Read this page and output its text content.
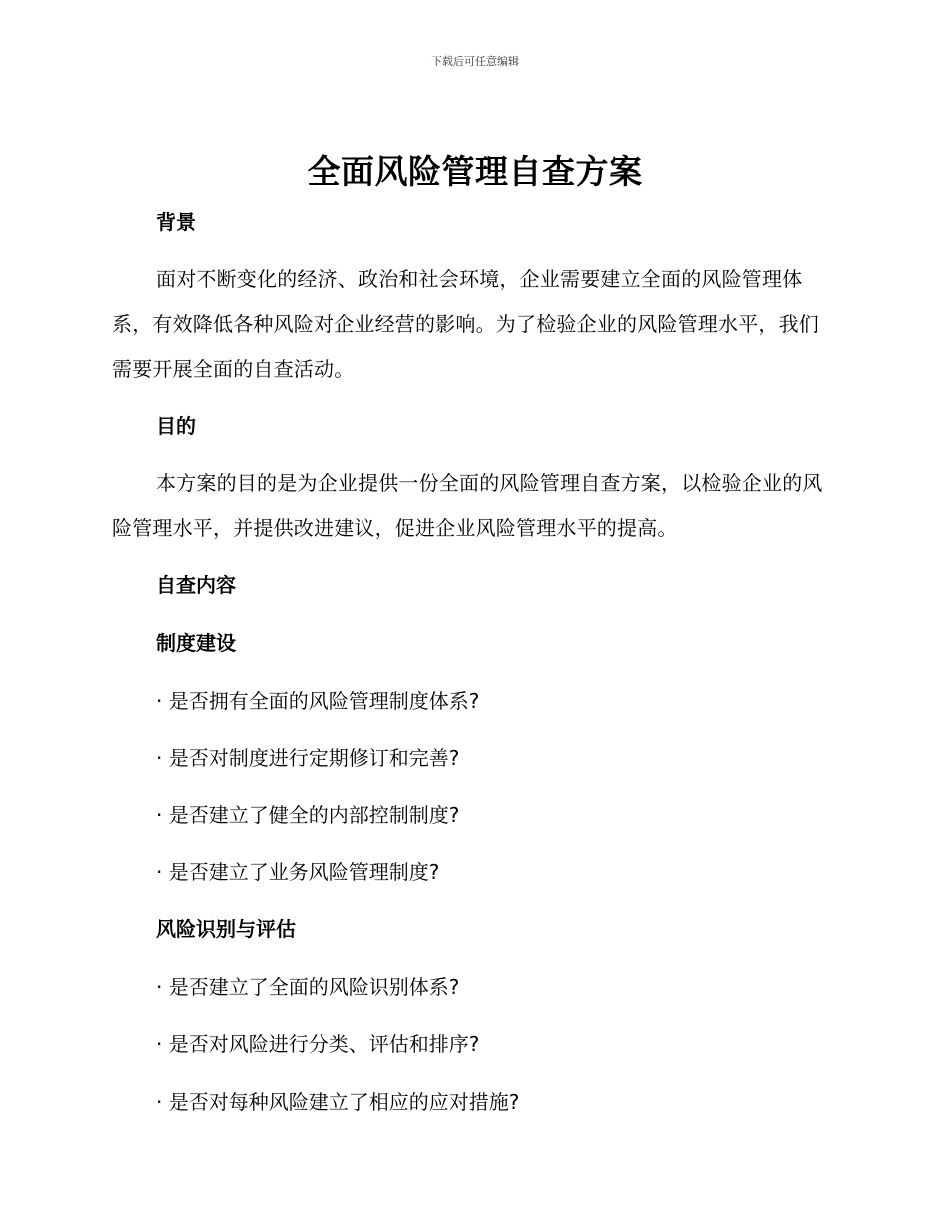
下载后可任意编辑
全面风险管理自查方案
背景
面对不断变化的经济、政治和社会环境，企业需要建立全面的风险管理体系，有效降低各种风险对企业经营的影响。为了检验企业的风险管理水平，我们需要开展全面的自查活动。
目的
本方案的目的是为企业提供一份全面的风险管理自查方案，以检验企业的风险管理水平，并提供改进建议，促进企业风险管理水平的提高。
自查内容
制度建设
· 是否拥有全面的风险管理制度体系?
· 是否对制度进行定期修订和完善?
· 是否建立了健全的内部控制制度?
· 是否建立了业务风险管理制度?
风险识别与评估
· 是否建立了全面的风险识别体系?
· 是否对风险进行分类、评估和排序?
· 是否对每种风险建立了相应的应对措施?
